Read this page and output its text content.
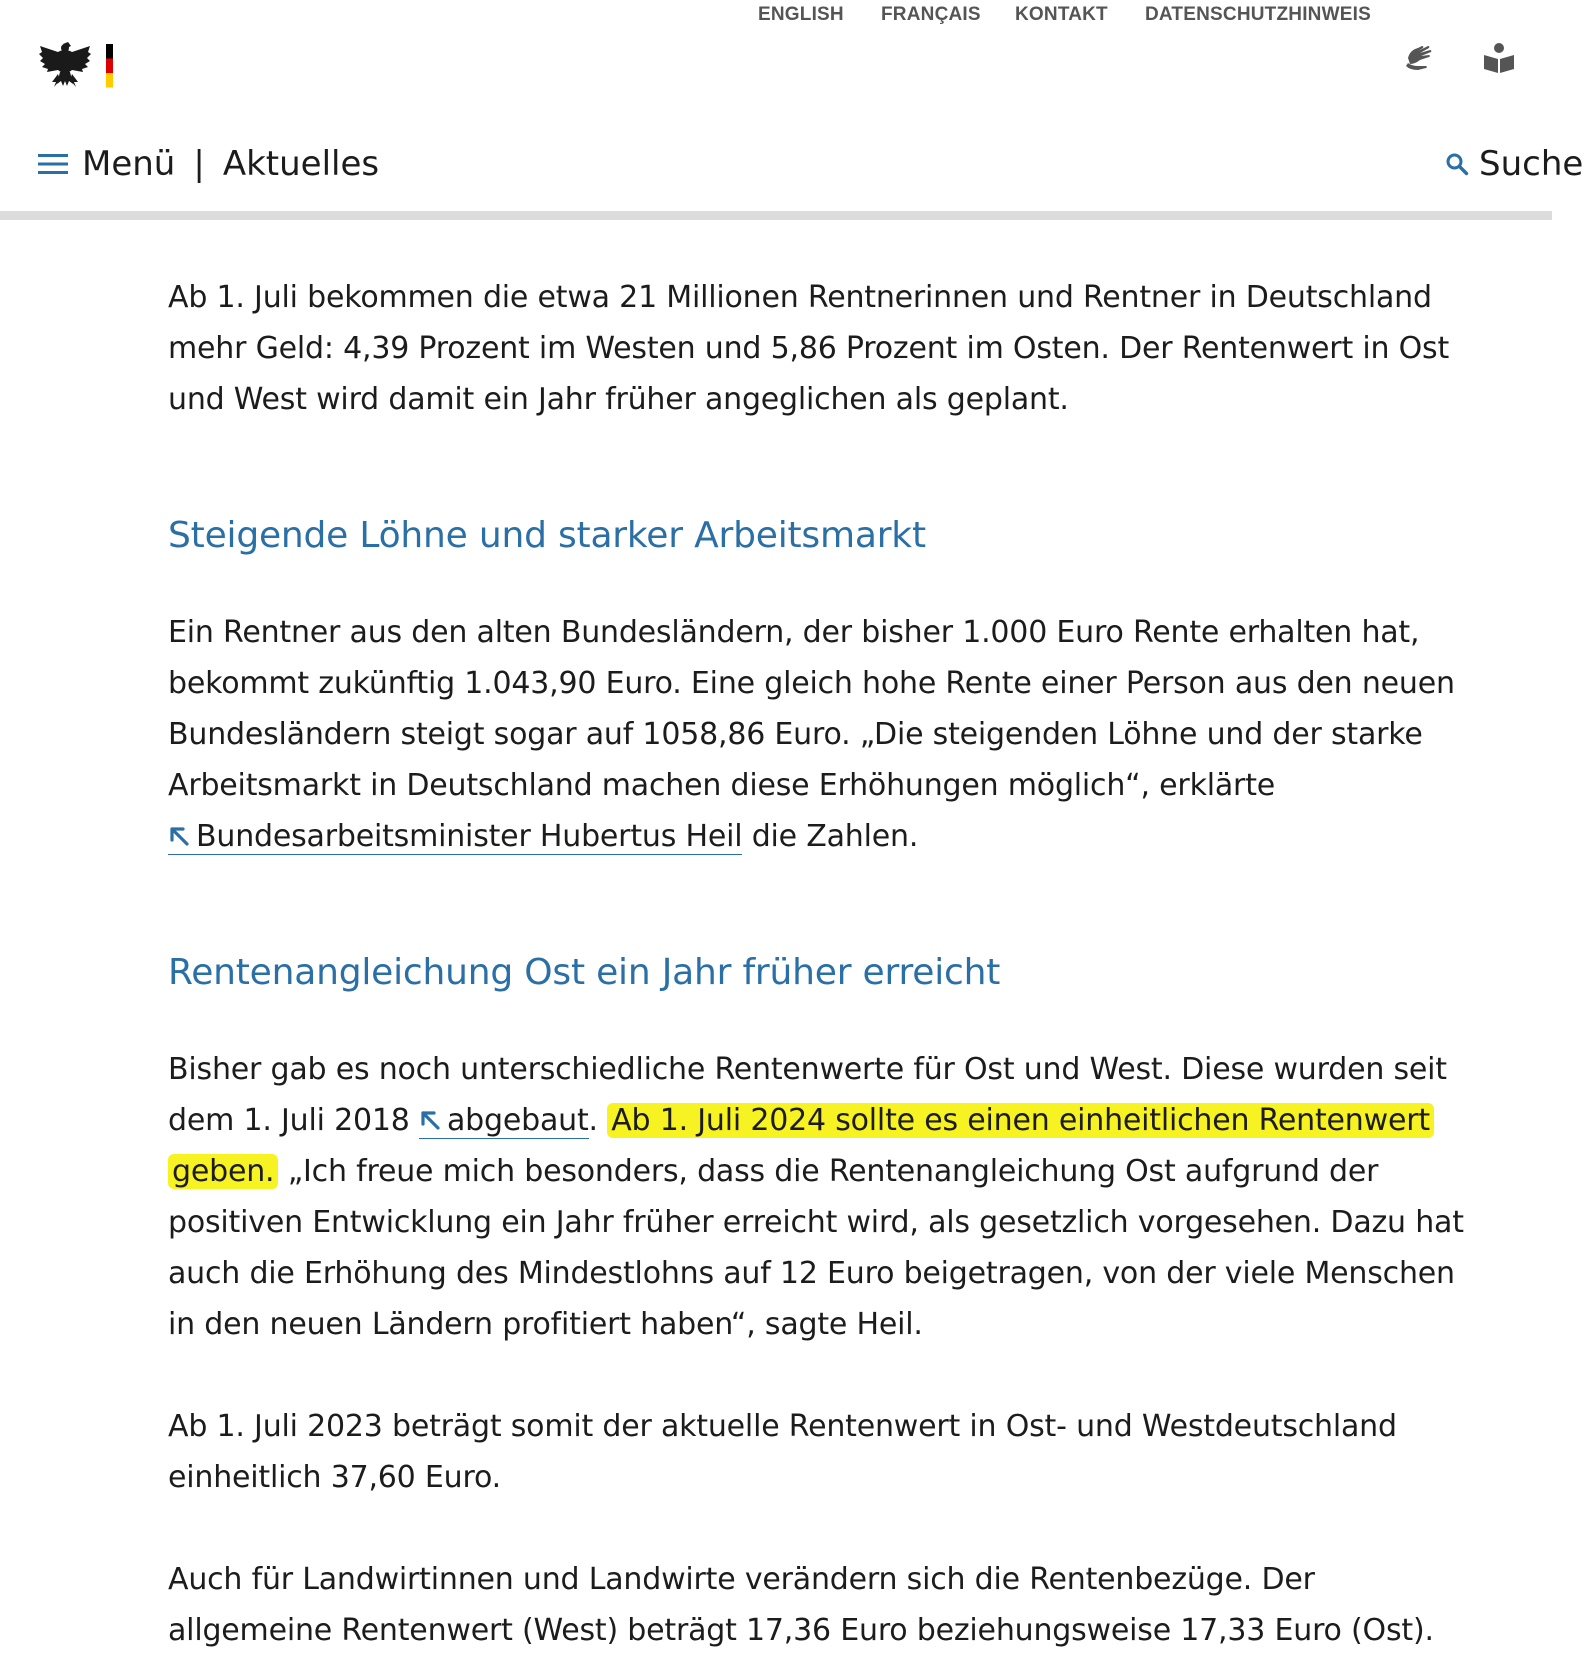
ENGLISH FRANÇAIS KONTAKT DATENSCHUTZHINWEIS
Menü | Aktuelles	Suche

Ab 1. Juli bekommen die etwa 21 Millionen Rentnerinnen und Rentner in Deutschland mehr Geld: 4,39 Prozent im Westen und 5,86 Prozent im Osten. Der Rentenwert in Ost und West wird damit ein Jahr früher angeglichen als geplant.

Steigende Löhne und starker Arbeitsmarkt

Ein Rentner aus den alten Bundesländern, der bisher 1.000 Euro Rente erhalten hat, bekommt zukünftig 1.043,90 Euro. Eine gleich hohe Rente einer Person aus den neuen Bundesländern steigt sogar auf 1058,86 Euro. „Die steigenden Löhne und der starke Arbeitsmarkt in Deutschland machen diese Erhöhungen möglich“, erklärte Bundesarbeitsminister Hubertus Heil die Zahlen.

Rentenangleichung Ost ein Jahr früher erreicht

Bisher gab es noch unterschiedliche Rentenwerte für Ost und West. Diese wurden seit dem 1. Juli 2018 abgebaut. Ab 1. Juli 2024 sollte es einen einheitlichen Rentenwert geben. „Ich freue mich besonders, dass die Rentenangleichung Ost aufgrund der positiven Entwicklung ein Jahr früher erreicht wird, als gesetzlich vorgesehen. Dazu hat auch die Erhöhung des Mindestlohns auf 12 Euro beigetragen, von der viele Menschen in den neuen Ländern profitiert haben“, sagte Heil.

Ab 1. Juli 2023 beträgt somit der aktuelle Rentenwert in Ost- und Westdeutschland einheitlich 37,60 Euro.

Auch für Landwirtinnen und Landwirte verändern sich die Rentenbezüge. Der allgemeine Rentenwert (West) beträgt 17,36 Euro beziehungsweise 17,33 Euro (Ost).
